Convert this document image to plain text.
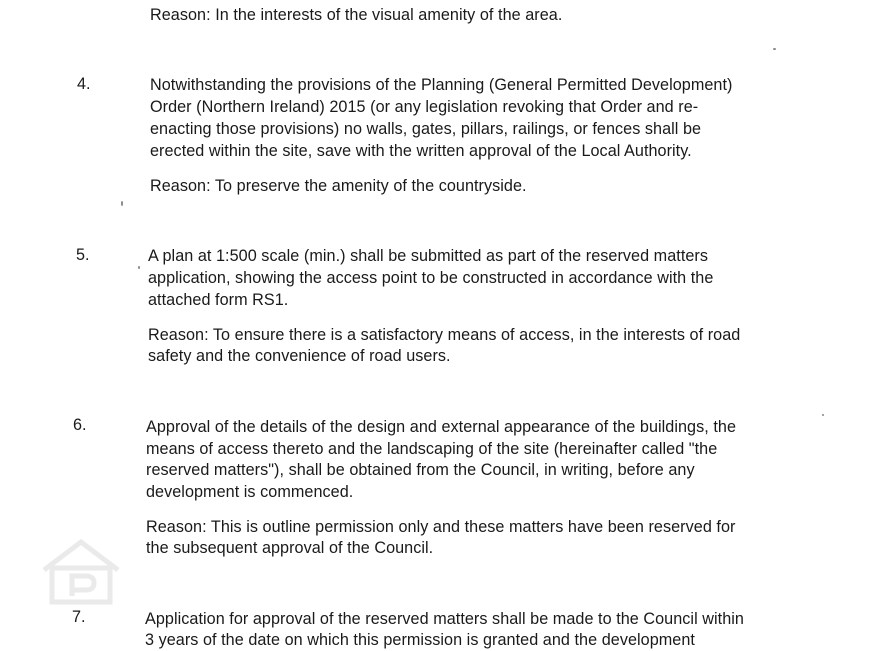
Reason: In the interests of the visual amenity of the area.
4.	Notwithstanding the provisions of the Planning (General Permitted Development)
Order (Northern Ireland) 2015 (or any legislation revoking that Order and re-
enacting those provisions) no walls, gates, pillars, railings, or fences shall be
erected within the site, save with the written approval of the Local Authority.
Reason: To preserve the amenity of the countryside.
5.	A plan at 1:500 scale (min.) shall be submitted as part of the reserved matters
application, showing the access point to be constructed in accordance with the
attached form RS1.
Reason: To ensure there is a satisfactory means of access, in the interests of road
safety and the convenience of road users.
6.	Approval of the details of the design and external appearance of the buildings, the
means of access thereto and the landscaping of the site (hereinafter called "the
reserved matters"), shall be obtained from the Council, in writing, before any
development is commenced.
Reason: This is outline permission only and these matters have been reserved for
the subsequent approval of the Council.
7.	Application for approval of the reserved matters shall be made to the Council within
3 years of the date on which this permission is granted and the development
